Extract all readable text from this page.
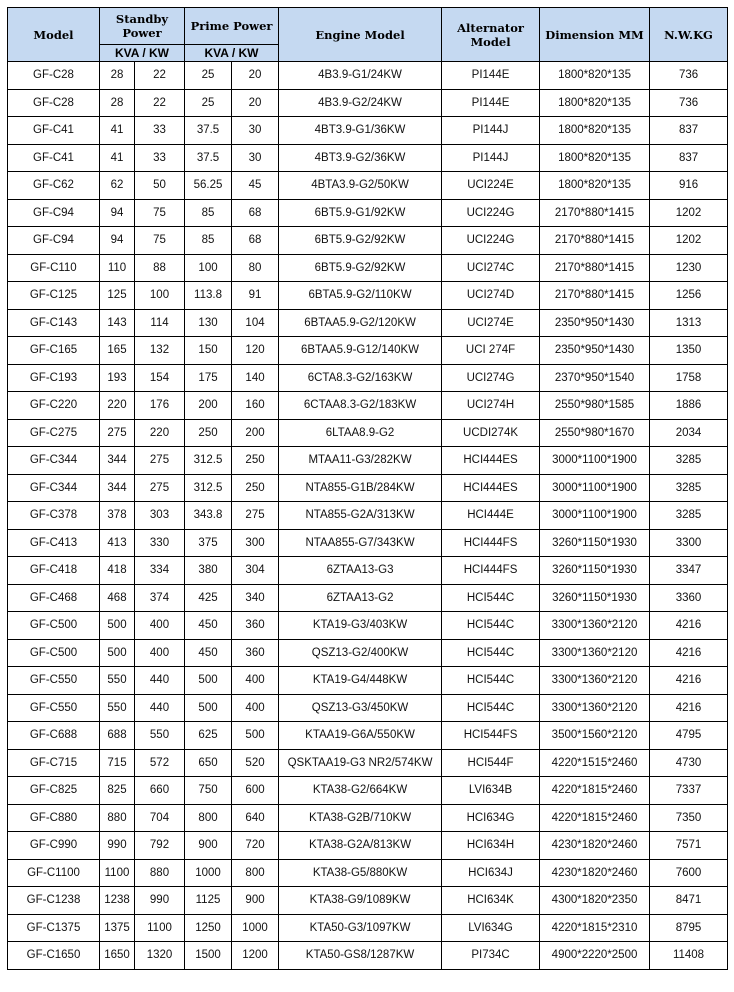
Model	Standby Power		Prime Power		Engine Model	Alternator Model	Dimension MM	N.W.KG
	KVA / KW		KVA / KW					
GF-C28	28	22	25	20	4B3.9-G1/24KW	PI144E	1800*820*135	736
GF-C28	28	22	25	20	4B3.9-G2/24KW	PI144E	1800*820*135	736
GF-C41	41	33	37.5	30	4BT3.9-G1/36KW	PI144J	1800*820*135	837
GF-C41	41	33	37.5	30	4BT3.9-G2/36KW	PI144J	1800*820*135	837
GF-C62	62	50	56.25	45	4BTA3.9-G2/50KW	UCI224E	1800*820*135	916
GF-C94	94	75	85	68	6BT5.9-G1/92KW	UCI224G	2170*880*1415	1202
GF-C94	94	75	85	68	6BT5.9-G2/92KW	UCI224G	2170*880*1415	1202
GF-C110	110	88	100	80	6BT5.9-G2/92KW	UCI274C	2170*880*1415	1230
GF-C125	125	100	113.8	91	6BTA5.9-G2/110KW	UCI274D	2170*880*1415	1256
GF-C143	143	114	130	104	6BTAA5.9-G2/120KW	UCI274E	2350*950*1430	1313
GF-C165	165	132	150	120	6BTAA5.9-G12/140KW	UCI 274F	2350*950*1430	1350
GF-C193	193	154	175	140	6CTA8.3-G2/163KW	UCI274G	2370*950*1540	1758
GF-C220	220	176	200	160	6CTAA8.3-G2/183KW	UCI274H	2550*980*1585	1886
GF-C275	275	220	250	200	6LTAA8.9-G2	UCDI274K	2550*980*1670	2034
GF-C344	344	275	312.5	250	MTAA11-G3/282KW	HCI444ES	3000*1100*1900	3285
GF-C344	344	275	312.5	250	NTA855-G1B/284KW	HCI444ES	3000*1100*1900	3285
GF-C378	378	303	343.8	275	NTA855-G2A/313KW	HCI444E	3000*1100*1900	3285
GF-C413	413	330	375	300	NTAA855-G7/343KW	HCI444FS	3260*1150*1930	3300
GF-C418	418	334	380	304	6ZTAA13-G3	HCI444FS	3260*1150*1930	3347
GF-C468	468	374	425	340	6ZTAA13-G2	HCI544C	3260*1150*1930	3360
GF-C500	500	400	450	360	KTA19-G3/403KW	HCI544C	3300*1360*2120	4216
GF-C500	500	400	450	360	QSZ13-G2/400KW	HCI544C	3300*1360*2120	4216
GF-C550	550	440	500	400	KTA19-G4/448KW	HCI544C	3300*1360*2120	4216
GF-C550	550	440	500	400	QSZ13-G3/450KW	HCI544C	3300*1360*2120	4216
GF-C688	688	550	625	500	KTAA19-G6A/550KW	HCI544FS	3500*1560*2120	4795
GF-C715	715	572	650	520	QSKTAA19-G3 NR2/574KW	HCI544F	4220*1515*2460	4730
GF-C825	825	660	750	600	KTA38-G2/664KW	LVI634B	4220*1815*2460	7337
GF-C880	880	704	800	640	KTA38-G2B/710KW	HCI634G	4220*1815*2460	7350
GF-C990	990	792	900	720	KTA38-G2A/813KW	HCI634H	4230*1820*2460	7571
GF-C1100	1100	880	1000	800	KTA38-G5/880KW	HCI634J	4230*1820*2460	7600
GF-C1238	1238	990	1125	900	KTA38-G9/1089KW	HCI634K	4300*1820*2350	8471
GF-C1375	1375	1100	1250	1000	KTA50-G3/1097KW	LVI634G	4220*1815*2310	8795
GF-C1650	1650	1320	1500	1200	KTA50-GS8/1287KW	PI734C	4900*2220*2500	11408
